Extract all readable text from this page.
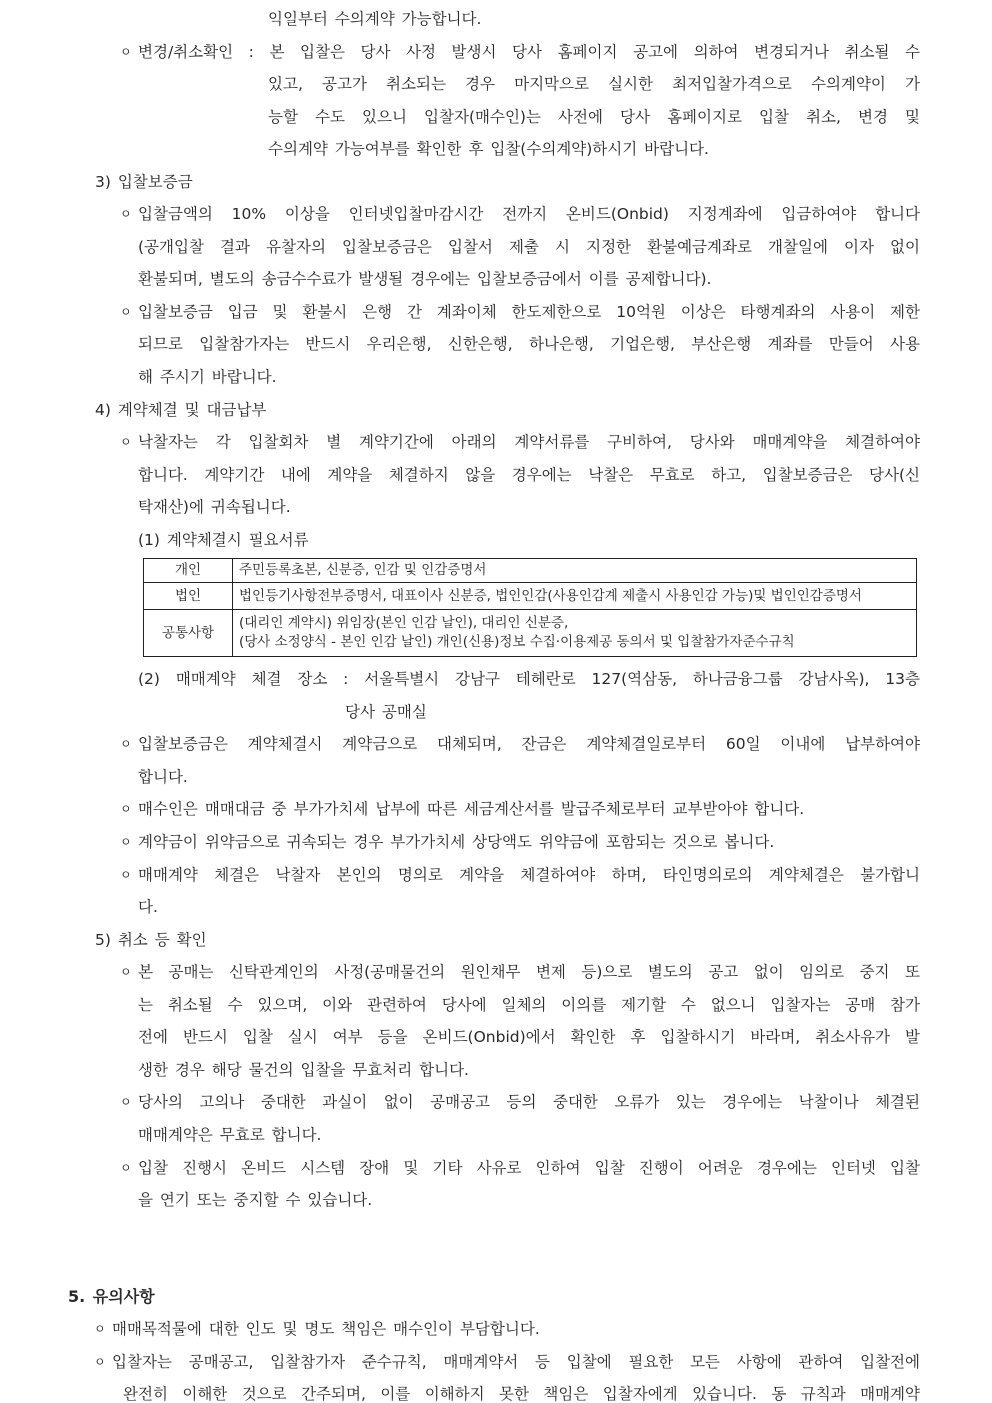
익일부터 수의계약 가능합니다.
ㅇ 변경/취소확인 : 본 입찰은 당사 사정 발생시 당사 홈페이지 공고에 의하여 변경되거나 취소될 수
있고, 공고가 취소되는 경우 마지막으로 실시한 최저입찰가격으로 수의계약이 가
능할 수도 있으니 입찰자(매수인)는 사전에 당사 홈페이지로 입찰 취소, 변경 및
수의계약 가능여부를 확인한 후 입찰(수의계약)하시기 바랍니다.
3) 입찰보증금
ㅇ 입찰금액의 10% 이상을 인터넷입찰마감시간 전까지 온비드(Onbid) 지정계좌에 입금하여야 합니다
(공개입찰 결과 유찰자의 입찰보증금은 입찰서 제출 시 지정한 환불예금계좌로 개찰일에 이자 없이
환불되며, 별도의 송금수수료가 발생될 경우에는 입찰보증금에서 이를 공제합니다).
ㅇ 입찰보증금 입금 및 환불시 은행 간 계좌이체 한도제한으로 10억원 이상은 타행계좌의 사용이 제한
되므로 입찰참가자는 반드시 우리은행, 신한은행, 하나은행, 기업은행, 부산은행 계좌를 만들어 사용
해 주시기 바랍니다.
4) 계약체결 및 대금납부
ㅇ 낙찰자는 각 입찰회차 별 계약기간에 아래의 계약서류를 구비하여, 당사와 매매계약을 체결하여야
합니다. 계약기간 내에 계약을 체결하지 않을 경우에는 낙찰은 무효로 하고, 입찰보증금은 당사(신
탁재산)에 귀속됩니다.
(1) 계약체결시 필요서류
개인	주민등록초본, 신분증, 인감 및 인감증명서

법인	법인등기사항전부증명서, 대표이사 신분증, 법인인감(사용인감계 제출시 사용인감 가능)및 법인인감증명서

공통사항	(대리인 계약시) 위임장(본인 인감 날인), 대리인 신분증,
(당사 소정양식 - 본인 인감 날인) 개인(신용)정보 수집·이용제공 동의서 및 입찰참가자준수규칙
(2) 매매계약 체결 장소 : 서울특별시 강남구 테헤란로 127(역삼동, 하나금융그룹 강남사옥), 13층
당사 공매실
ㅇ 입찰보증금은 계약체결시 계약금으로 대체되며, 잔금은 계약체결일로부터 60일 이내에 납부하여야
합니다.
ㅇ 매수인은 매매대금 중 부가가치세 납부에 따른 세금계산서를 발급주체로부터 교부받아야 합니다.
ㅇ 계약금이 위약금으로 귀속되는 경우 부가가치세 상당액도 위약금에 포함되는 것으로 봅니다.
ㅇ 매매계약 체결은 낙찰자 본인의 명의로 계약을 체결하여야 하며, 타인명의로의 계약체결은 불가합니
다.
5) 취소 등 확인
ㅇ 본 공매는 신탁관계인의 사정(공매물건의 원인채무 변제 등)으로 별도의 공고 없이 임의로 중지 또
는 취소될 수 있으며, 이와 관련하여 당사에 일체의 이의를 제기할 수 없으니 입찰자는 공매 참가
전에 반드시 입찰 실시 여부 등을 온비드(Onbid)에서 확인한 후 입찰하시기 바라며, 취소사유가 발
생한 경우 해당 물건의 입찰을 무효처리 합니다.
ㅇ 당사의 고의나 중대한 과실이 없이 공매공고 등의 중대한 오류가 있는 경우에는 낙찰이나 체결된
매매계약은 무효로 합니다.
ㅇ 입찰 진행시 온비드 시스템 장애 및 기타 사유로 인하여 입찰 진행이 어려운 경우에는 인터넷 입찰
을 연기 또는 중지할 수 있습니다.
5. 유의사항
ㅇ 매매목적물에 대한 인도 및 명도 책임은 매수인이 부담합니다.
ㅇ 입찰자는 공매공고, 입찰참가자 준수규칙, 매매계약서 등 입찰에 필요한 모든 사항에 관하여 입찰전에
완전히 이해한 것으로 간주되며, 이를 이해하지 못한 책임은 입찰자에게 있습니다. 동 규칙과 매매계약
